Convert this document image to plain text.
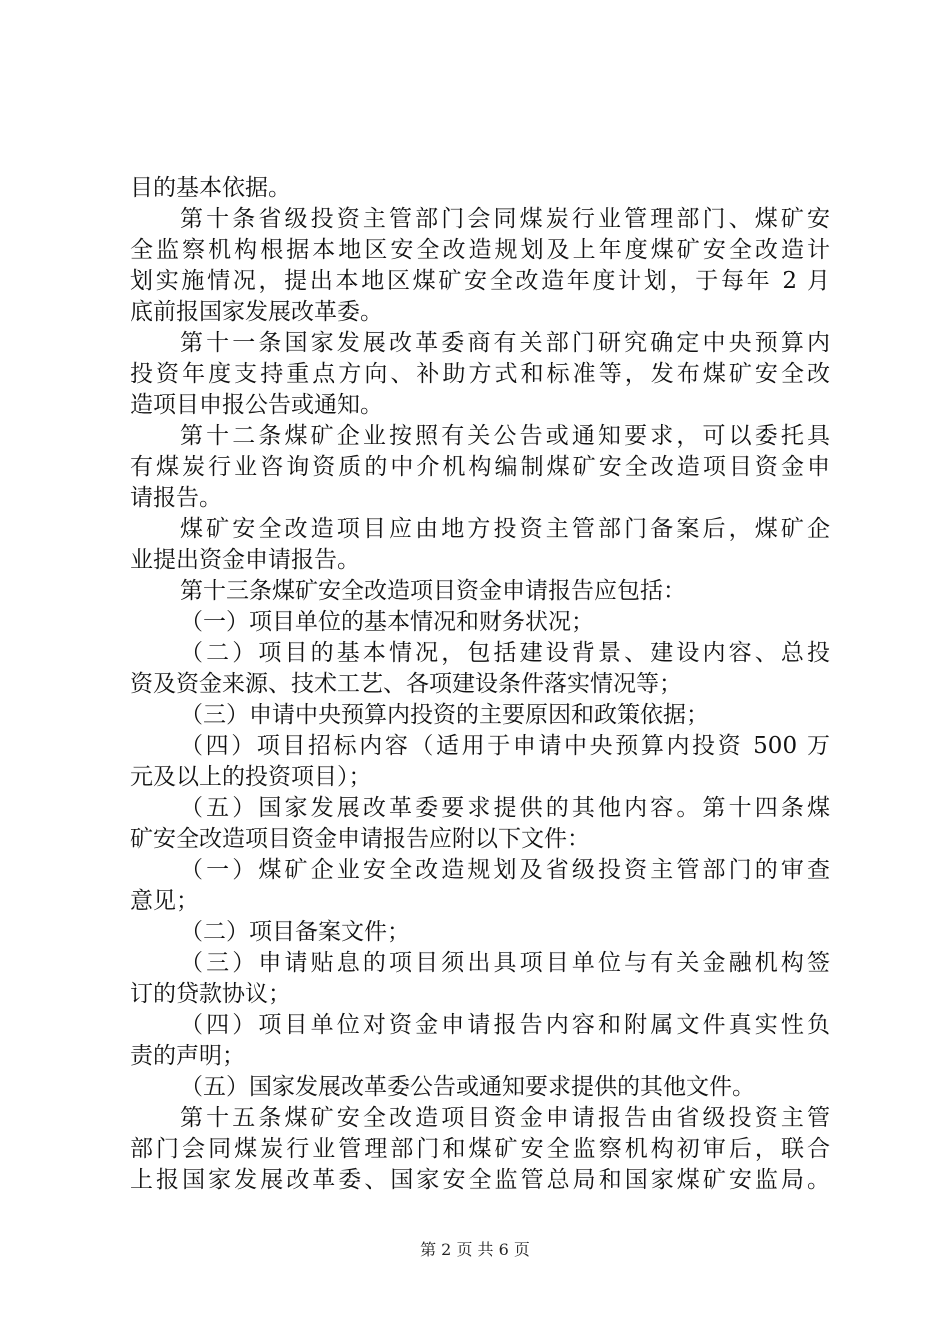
目的基本依据。
第十条省级投资主管部门会同煤炭行业管理部门、煤矿安
全监察机构根据本地区安全改造规划及上年度煤矿安全改造计
划实施情况，提出本地区煤矿安全改造年度计划，于每年 2 月
底前报国家发展改革委。
第十一条国家发展改革委商有关部门研究确定中央预算内
投资年度支持重点方向、补助方式和标准等，发布煤矿安全改
造项目申报公告或通知。
第十二条煤矿企业按照有关公告或通知要求，可以委托具
有煤炭行业咨询资质的中介机构编制煤矿安全改造项目资金申
请报告。
煤矿安全改造项目应由地方投资主管部门备案后，煤矿企
业提出资金申请报告。
第十三条煤矿安全改造项目资金申请报告应包括：
（一）项目单位的基本情况和财务状况；
（二）项目的基本情况，包括建设背景、建设内容、总投
资及资金来源、技术工艺、各项建设条件落实情况等；
（三）申请中央预算内投资的主要原因和政策依据；
（四）项目招标内容（适用于申请中央预算内投资 500 万
元及以上的投资项目）；
（五）国家发展改革委要求提供的其他内容。第十四条煤
矿安全改造项目资金申请报告应附以下文件：
（一）煤矿企业安全改造规划及省级投资主管部门的审查
意见；
（二）项目备案文件；
（三）申请贴息的项目须出具项目单位与有关金融机构签
订的贷款协议；
（四）项目单位对资金申请报告内容和附属文件真实性负
责的声明；
（五）国家发展改革委公告或通知要求提供的其他文件。
第十五条煤矿安全改造项目资金申请报告由省级投资主管
部门会同煤炭行业管理部门和煤矿安全监察机构初审后，联合
上报国家发展改革委、国家安全监管总局和国家煤矿安监局。
第 2 页 共 6 页
